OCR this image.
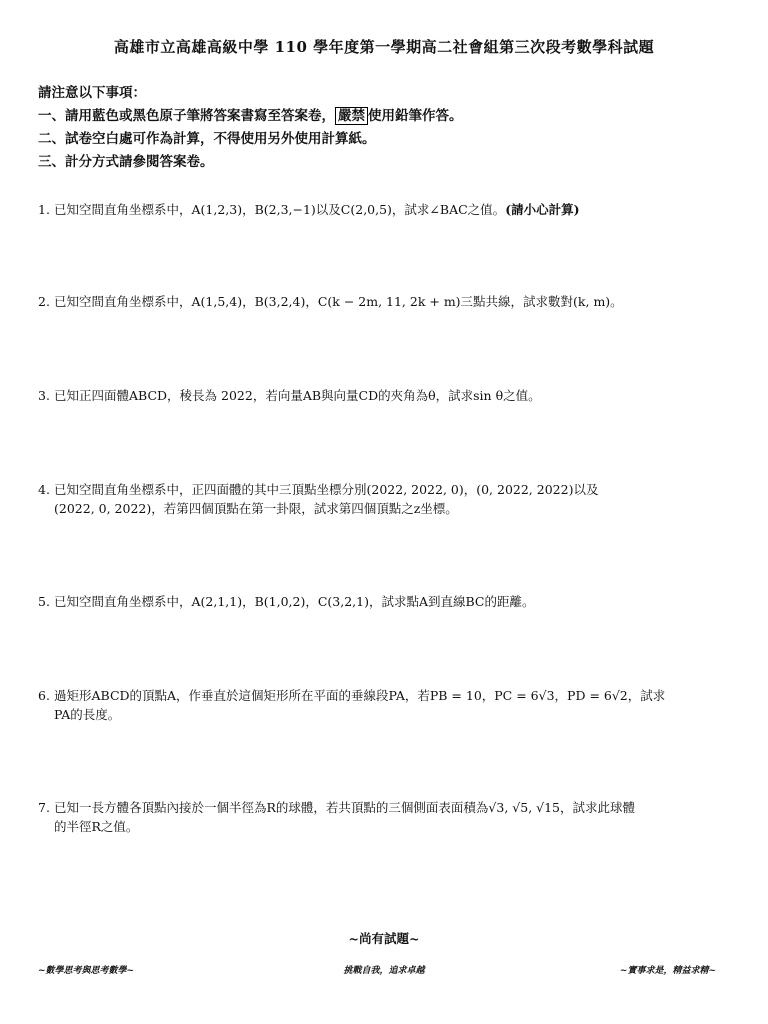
高雄市立高雄高級中學 110 學年度第一學期高二社會組第三次段考數學科試題
請注意以下事項：
一、請用藍色或黑色原子筆將答案書寫至答案卷， 嚴禁 使用鉛筆作答。
二、試卷空白處可作為計算，不得使用另外使用計算紙。
三、計分方式請參閱答案卷。
1. 已知空間直角坐標系中，A(1,2,3)，B(2,3,−1)以及C(2,0,5)，試求∠BAC之值。(請小心計算)
2. 已知空間直角坐標系中，A(1,5,4)，B(3,2,4)，C(k − 2m, 11, 2k + m)三點共線，試求數對(k, m)。
3. 已知正四面體ABCD，稜長為 2022，若向量AB與向量CD的夾角為θ，試求sin θ之值。
4. 已知空間直角坐標系中，正四面體的其中三頂點坐標分別(2022, 2022, 0)，(0, 2022, 2022)以及
(2022, 0, 2022)，若第四個頂點在第一卦限，試求第四個頂點之z坐標。
5. 已知空間直角坐標系中，A(2,1,1)，B(1,0,2)，C(3,2,1)，試求點A到直線BC的距離。
6. 過矩形ABCD的頂點A，作垂直於這個矩形所在平面的垂線段PA，若PB = 10，PC = 6√3，PD = 6√2，試求
PA的長度。
7. 已知一長方體各頂點內接於一個半徑為R的球體，若共頂點的三個側面表面積為√3, √5, √15，試求此球體
的半徑R之值。
~尚有試題~
~數學思考與思考數學~	挑戰自我，追求卓越	~實事求是，精益求精~
